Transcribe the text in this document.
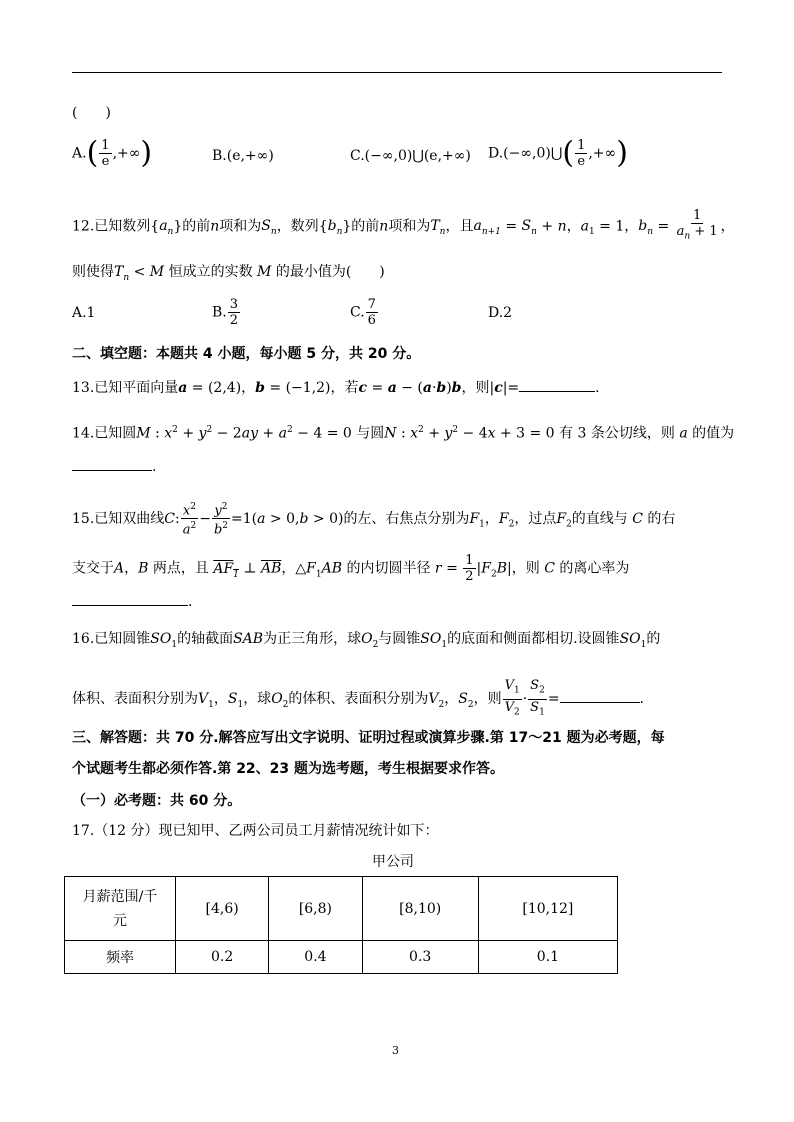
(　　)
$A.( \frac{1}{e}$ ,+∞)	B.(e,+∞)	C.(−∞,0)⋃(e,+∞) D.(−∞,0)⋃( $\frac{1}{e}$ ,+∞)
12.已知数列$\{a_n\}$的前n项和为$S_n$，数列$\{b_n\}$的前n项和为$T_n$，且$a_{n+1} = S_n + n$，$a_1 = 1$，$b_n = \frac{1}{a_n + 1}$ ，
则使得$T_n < M$ 恒成立的实数 M 的最小值为(　　)
A.1	B. $\frac{3}{2}$	C. $\frac{7}{6}$	D.2
二、填空题：本题共 4 小题，每小题 5 分，共 20 分。
13.已知平面向量a = (2,4)，b = (−1,2)，若c = a − (a·b)b，则|c|=	.
14.已知圆M : $x^2 + y^2 - 2ay + a^2 - 4 = 0$ 与圆N : $x^2 + y^2 - 4x + 3 = 0$ 有 3 条公切线，则 a 的值为
.
15.已知双曲线C: $\frac{x^2}{a^2} - \frac{y^2}{b^2} =1(a > 0,b > 0)$的左、右焦点分别为$F_1$，$F_2$，过点$F_2$的直线与 C 的右
支交于A，B 两点，且 $AF_1$ ⊥ $\overline{AB}$，$\triangle F_1AB$ 的内切圆半径 $r = \frac{1}{2} |F_2B|$，则 C 的离心率为
.
16.已知圆锥$SO_1$的轴截面SAB为正三角形，球$O_2$与圆锥$SO_1$的底面和侧面都相切.设圆锥$SO_1$的
体积、表面积分别为$V_1$，$S_1$，球$O_2$的体积、表面积分别为$V_2$，$S_2$，则 $\frac{V_1}{V_2} \cdot \frac{S_2}{S_1}$ =	.
三、解答题：共 70 分.解答应写出文字说明、证明过程或演算步骤.第 17～21 题为必考题，每
个试题考生都必须作答.第 22、23 题为选考题，考生根据要求作答。
（一）必考题：共 60 分。
17.（12 分）现已知甲、乙两公司员工月薪情况统计如下：
甲公司
月薪范围/千
元	[4,6)	[6,8)	[8,10)	[10,12]
频率	0.2	0.4	0.3	0.1
3
